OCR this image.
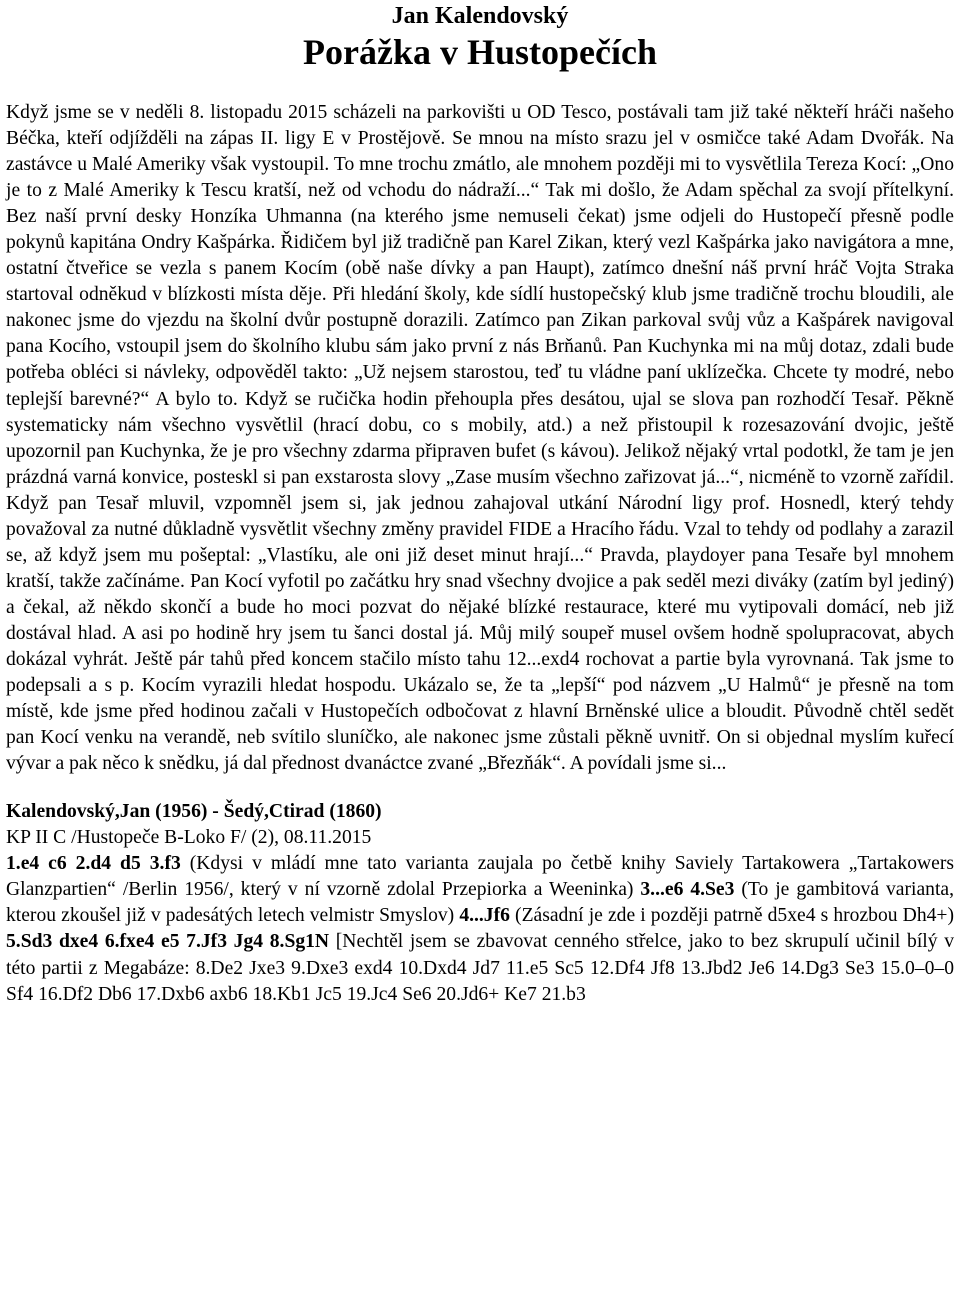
Jan Kalendovský
Porážka v Hustopečích

Když jsme se v neděli 8. listopadu 2015 scházeli na parkovišti u OD Tesco, postávali tam již také někteří hráči našeho Béčka, kteří odjížděli na zápas II. ligy E v Prostějově. Se mnou na místo srazu jel v osmičce také Adam Dvořák. Na zastávce u Malé Ameriky však vystoupil. To mne trochu zmátlo, ale mnohem později mi to vysvětlila Tereza Kocí: „Ono je to z Malé Ameriky k Tescu kratší, než od vchodu do nádraží...“ Tak mi došlo, že Adam spěchal za svojí přítelkyní. Bez naší první desky Honzíka Uhmanna (na kterého jsme nemuseli čekat) jsme odjeli do Hustopečí přesně podle pokynů kapitána Ondry Kašpárka. Řidičem byl již tradičně pan Karel Zikan, který vezl Kašpárka jako navigátora a mne, ostatní čtveřice se vezla s panem Kocím (obě naše dívky a pan Haupt), zatímco dnešní náš první hráč Vojta Straka startoval odněkud v blízkosti místa děje. Při hledání školy, kde sídlí hustopečský klub jsme tradičně trochu bloudili, ale nakonec jsme do vjezdu na školní dvůr postupně dorazili. Zatímco pan Zikan parkoval svůj vůz a Kašpárek navigoval pana Kocího, vstoupil jsem do školního klubu sám jako první z nás Brňanů. Pan Kuchynka mi na můj dotaz, zdali bude potřeba obléci si návleky, odpověděl takto: „Už nejsem starostou, teď tu vládne paní uklízečka. Chcete ty modré, nebo teplejší barevné?“ A bylo to. Když se ručička hodin přehoupla přes desátou, ujal se slova pan rozhodčí Tesař. Pěkně systematicky nám všechno vysvětlil (hrací dobu, co s mobily, atd.) a než přistoupil k rozesazování dvojic, ještě upozornil pan Kuchynka, že je pro všechny zdarma připraven bufet (s kávou). Jelikož nějaký vrtal podotkl, že tam je jen prázdná varná konvice, posteskl si pan exstarosta slovy „Zase musím všechno zařizovat já...“, nicméně to vzorně zařídil. Když pan Tesař mluvil, vzpomněl jsem si, jak jednou zahajoval utkání Národní ligy prof. Hosnedl, který tehdy považoval za nutné důkladně vysvětlit všechny změny pravidel FIDE a Hracího řádu. Vzal to tehdy od podlahy a zarazil se, až když jsem mu pošeptal: „Vlastíku, ale oni již deset minut hrají...“ Pravda, playdoyer pana Tesaře byl mnohem kratší, takže začínáme. Pan Kocí vyfotil po začátku hry snad všechny dvojice a pak seděl mezi diváky (zatím byl jediný) a čekal, až někdo skončí a bude ho moci pozvat do nějaké blízké restaurace, které mu vytipovali domácí, neb již dostával hlad. A asi po hodině hry jsem tu šanci dostal já. Můj milý soupeř musel ovšem hodně spolupracovat, abych dokázal vyhrát. Ještě pár tahů před koncem stačilo místo tahu 12...exd4 rochovat a partie byla vyrovnaná. Tak jsme to podepsali a s p. Kocím vyrazili hledat hospodu. Ukázalo se, že ta „lepší“ pod názvem „U Halmů“ je přesně na tom místě, kde jsme před hodinou začali v Hustopečích odbočovat z hlavní Brněnské ulice a bloudit. Původně chtěl sedět pan Kocí venku na verandě, neb svítilo sluníčko, ale nakonec jsme zůstali pěkně uvnitř. On si objednal myslím kuřecí vývar a pak něco k snědku, já dal přednost dvanáctce zvané „Březňák“. A povídali jsme si...

Kalendovský,Jan (1956) - Šedý,Ctirad (1860)
KP II C /Hustopeče B-Loko F/ (2), 08.11.2015

1.e4 c6 2.d4 d5 3.f3 (Kdysi v mládí mne tato varianta zaujala po četbě knihy Saviely Tartakowera „Tartakowers Glanzpartien“ /Berlin 1956/, který v ní vzorně zdolal Przepiorka a Weeninka) 3...e6 4.Se3 (To je gambitová varianta, kterou zkoušel již v padesátých letech velmistr Smyslov) 4...Jf6 (Zásadní je zde i později patrně d5xe4 s hrozbou Dh4+) 5.Sd3 dxe4 6.fxe4 e5 7.Jf3 Jg4 8.Sg1N [Nechtěl jsem se zbavovat cenného střelce, jako to bez skrupulí učinil bílý v této partii z Megabáze: 8.De2 Jxe3 9.Dxe3 exd4 10.Dxd4 Jd7 11.e5 Sc5 12.Df4 Jf8 13.Jbd2 Je6 14.Dg3 Se3 15.0–0–0 Sf4 16.Df2 Db6 17.Dxb6 axb6 18.Kb1 Jc5 19.Jc4 Se6 20.Jd6+ Ke7 21.b3
